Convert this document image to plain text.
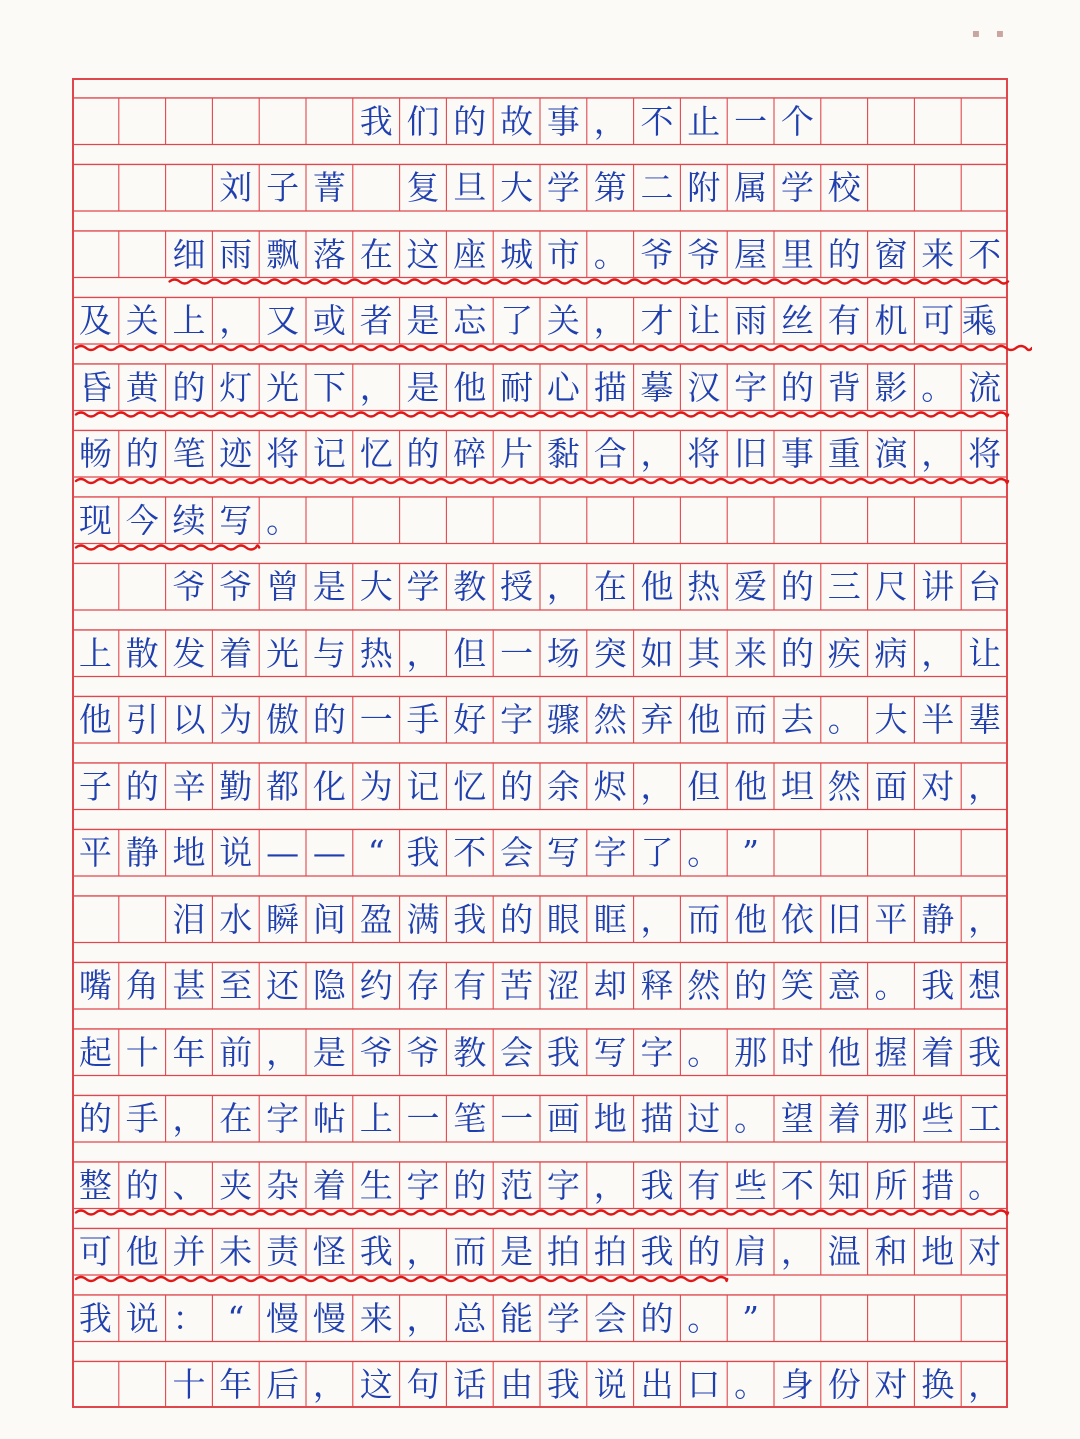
我 们 的 故 事 ， 不 止 一 个
刘 子 菁
　 复 旦 大 学 第 二 附 属 学 校
细 雨 飘 落 在 这 座 城 市 。 爷 爷 屋 里 的 窗 来 不
及 关 上 ， 又 或 者 是 忘 了 关 ， 才 让 雨 丝 有 机 可 乘。
昏 黄 的 灯 光 下 ， 是 他 耐 心 描 摹 汉 字 的 背 影 。 流
畅 的 笔 迹 将 记 忆 的 碎 片 黏 合 ， 将 旧 事 重 演 ， 将
现 今 续 写 。
爷 爷 曾 是 大 学 教 授 ， 在 他 热 爱 的 三 尺 讲 台
上 散 发 着 光 与 热 ， 但 一 场 突 如 其 来 的 疾 病 ， 让
他 引 以 为 傲 的 一 手 好 字 骤 然 弃 他 而 去 。 大 半 辈
子 的 辛 勤 都 化 为 记 忆 的 余 烬 ， 但 他 坦 然 面 对 ，
平 静 地 说 — — “ 我 不 会 写 字 了 。 ”
泪 水 瞬 间 盈 满 我 的 眼 眶 ， 而 他 依 旧 平 静 ，
嘴 角 甚 至 还 隐 约 存 有 苦 涩 却 释 然 的 笑 意 。 我 想
起 十 年 前 ， 是 爷 爷 教 会 我 写 字 。 那 时 他 握 着 我
的 手 ， 在 字 帖 上 一 笔 一 画 地 描 过 。 望 着 那 些 工
整 的 、 夹 杂 着 生 字 的 范 字 ， 我 有 些 不 知 所 措 。
可 他 并 未 责 怪 我 ， 而 是 拍 拍 我 的 肩 ， 温 和 地 对
我 说 ： “ 慢 慢 来 ， 总 能 学 会 的 。 ”
十 年 后 ， 这 句 话 由 我 说 出 口 。 身 份 对 换 ，
▪ ▪
